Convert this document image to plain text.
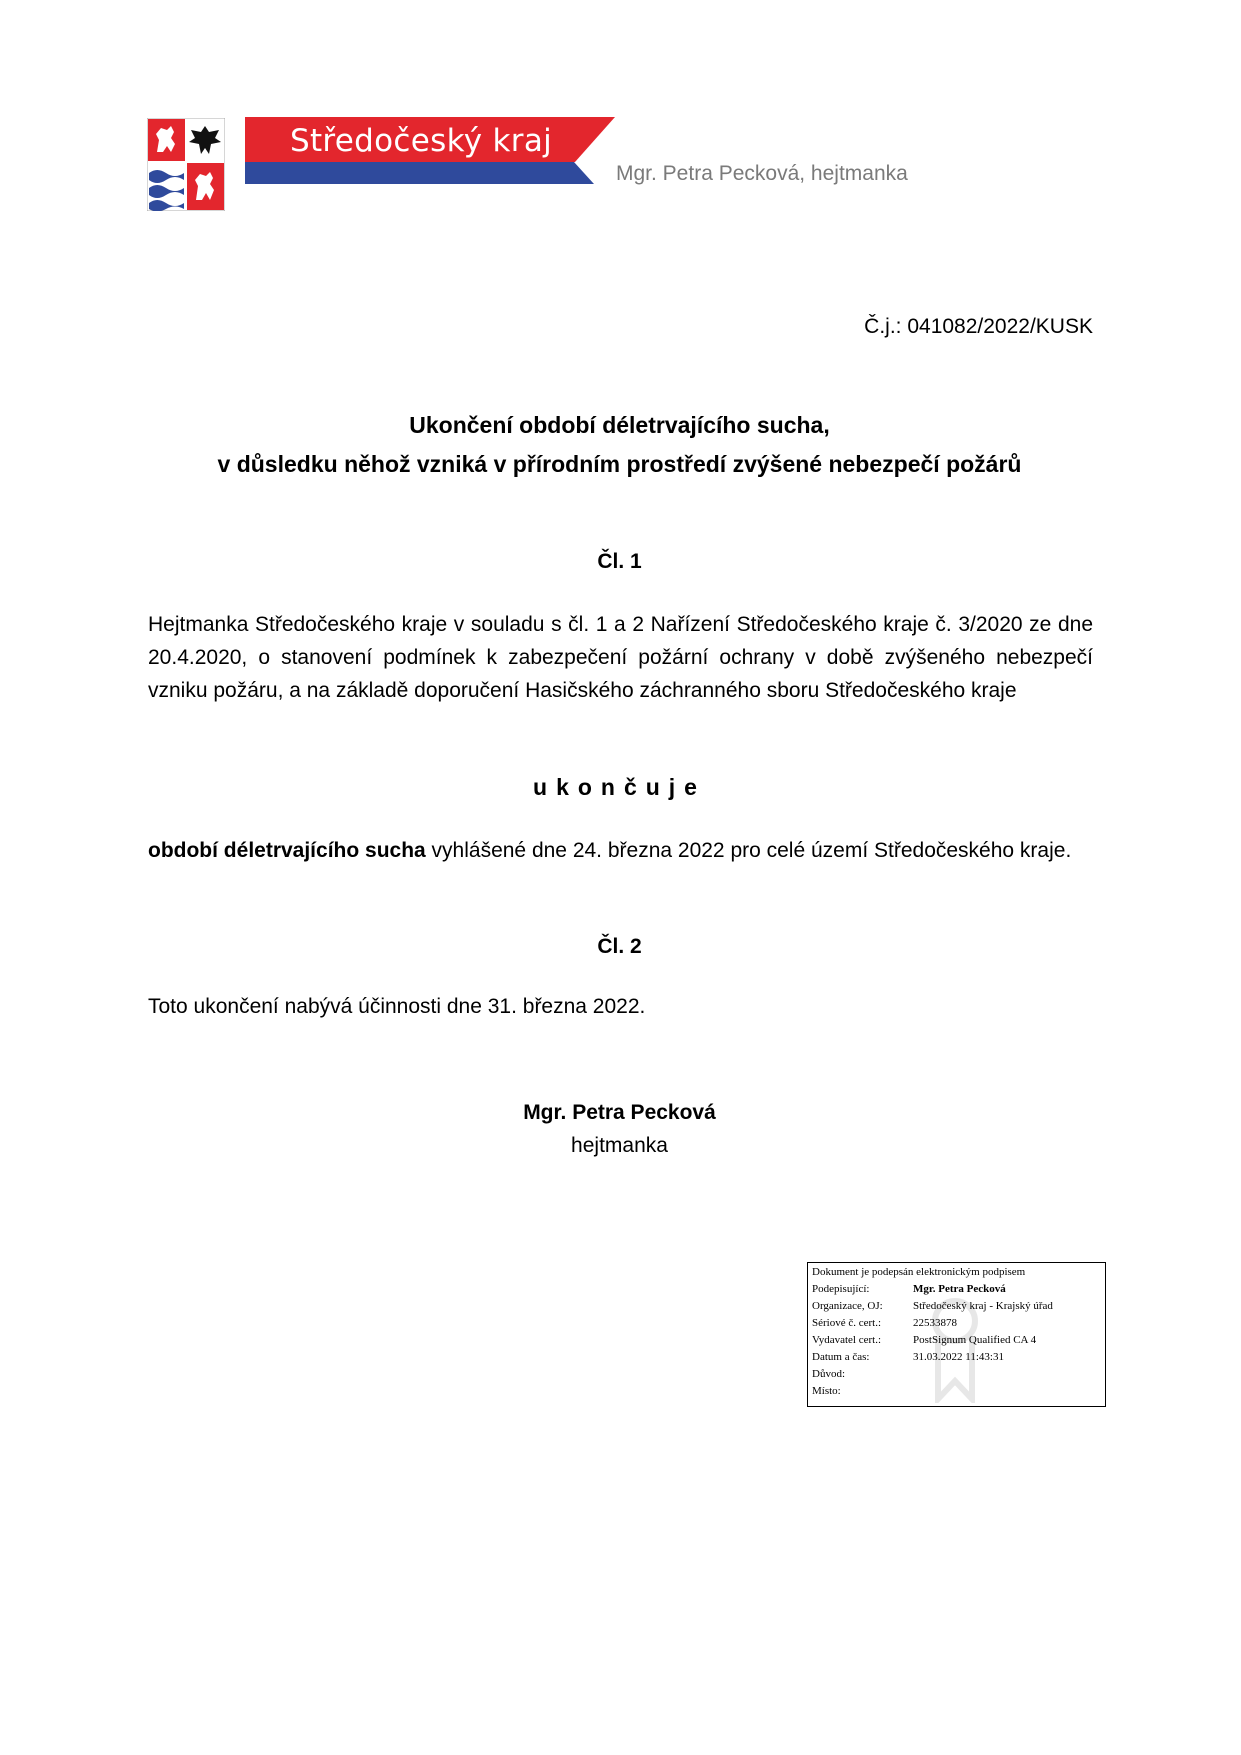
Středočeský kraj
Mgr. Petra Pecková, hejtmanka
Č.j.: 041082/2022/KUSK
Ukončení období déletrvajícího sucha,
v důsledku něhož vzniká v přírodním prostředí zvýšené nebezpečí požárů
Čl. 1
Hejtmanka Středočeského kraje v souladu s čl. 1 a 2 Nařízení Středočeského kraje č. 3/2020 ze dne 20.4.2020, o stanovení podmínek k zabezpečení požární ochrany v době zvýšeného nebezpečí vzniku požáru, a na základě doporučení Hasičského záchranného sboru Středočeského kraje
ukončuje
období déletrvajícího sucha vyhlášené dne 24. března 2022 pro celé území Středočeského kraje.
Čl. 2
Toto ukončení nabývá účinnosti dne 31. března 2022.
Mgr. Petra Pecková
hejtmanka
Dokument je podepsán elektronickým podpisem
Podepisující:	Mgr. Petra Pecková
Organizace, OJ:	Středočeský kraj - Krajský úřad
Sériové č. cert.:	22533878
Vydavatel cert.:	PostSignum Qualified CA 4
Datum a čas:	31.03.2022 11:43:31
Důvod:
Místo:
